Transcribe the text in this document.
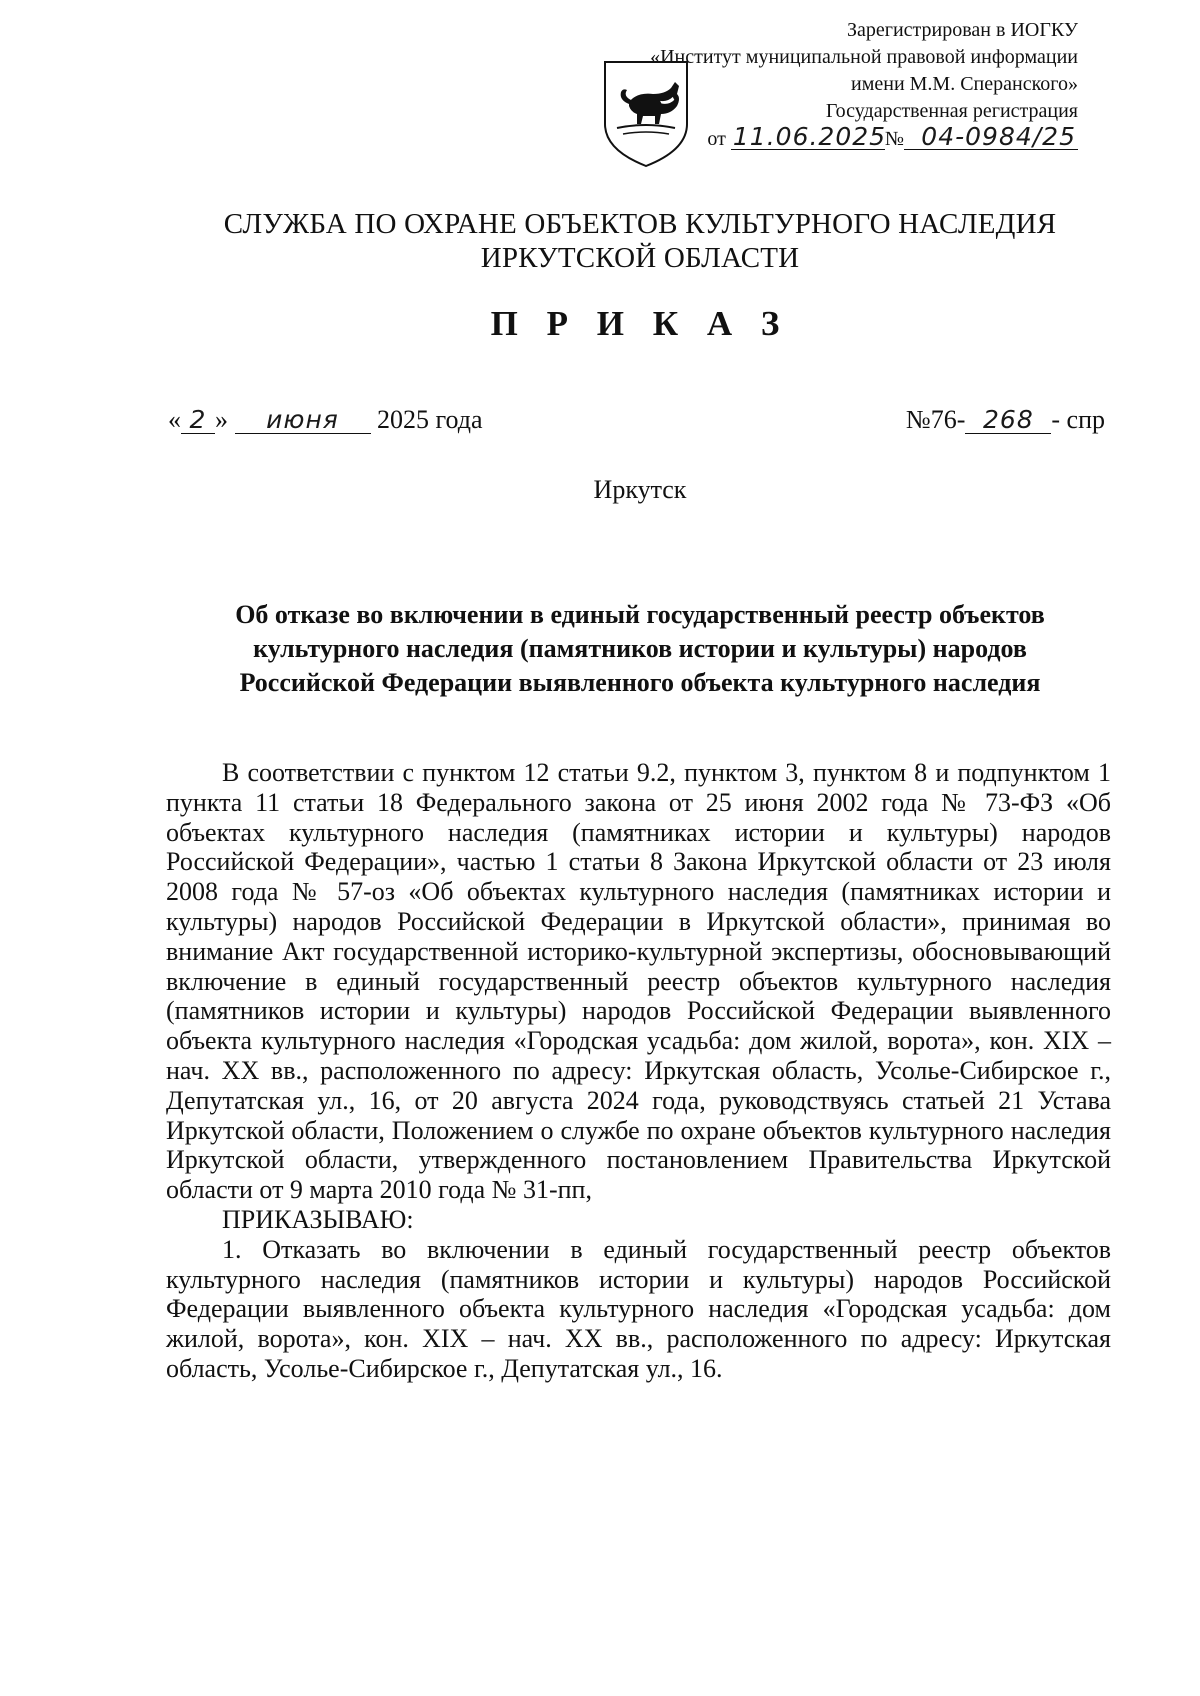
Зарегистрирован в ИОГКУ
«Институт муниципальной правовой информации
имени М.М. Сперанского»
Государственная регистрация
от 11.06.2025№ 04-0984/25
СЛУЖБА ПО ОХРАНЕ ОБЪЕКТОВ КУЛЬТУРНОГО НАСЛЕДИЯ
ИРКУТСКОЙ ОБЛАСТИ
П Р И К А З
« 2 » июня 2025 года	№76- 268 - спр
Иркутск
Об отказе во включении в единый государственный реестр объектов
культурного наследия (памятников истории и культуры) народов
Российской Федерации выявленного объекта культурного наследия

В соответствии с пунктом 12 статьи 9.2, пунктом 3, пунктом 8 и подпунктом 1 пункта 11 статьи 18 Федерального закона от 25 июня 2002 года № 73-ФЗ «Об объектах культурного наследия (памятниках истории и культуры) народов Российской Федерации», частью 1 статьи 8 Закона Иркутской области от 23 июля 2008 года № 57-оз «Об объектах культурного наследия (памятниках истории и культуры) народов Российской Федерации в Иркутской области», принимая во внимание Акт государственной историко-культурной экспертизы, обосновывающий включение в единый государственный реестр объектов культурного наследия (памятников истории и культуры) народов Российской Федерации выявленного объекта культурного наследия «Городская усадьба: дом жилой, ворота», кон. XIX – нач. XX вв., расположенного по адресу: Иркутская область, Усолье-Сибирское г., Депутатская ул., 16, от 20 августа 2024 года, руководствуясь статьей 21 Устава Иркутской области, Положением о службе по охране объектов культурного наследия Иркутской области, утвержденного постановлением Правительства Иркутской области от 9 марта 2010 года № 31-пп,

ПРИКАЗЫВАЮ:

1. Отказать во включении в единый государственный реестр объектов культурного наследия (памятников истории и культуры) народов Российской Федерации выявленного объекта культурного наследия «Городская усадьба: дом жилой, ворота», кон. XIX – нач. XX вв., расположенного по адресу: Иркутская область, Усолье-Сибирское г., Депутатская ул., 16.
